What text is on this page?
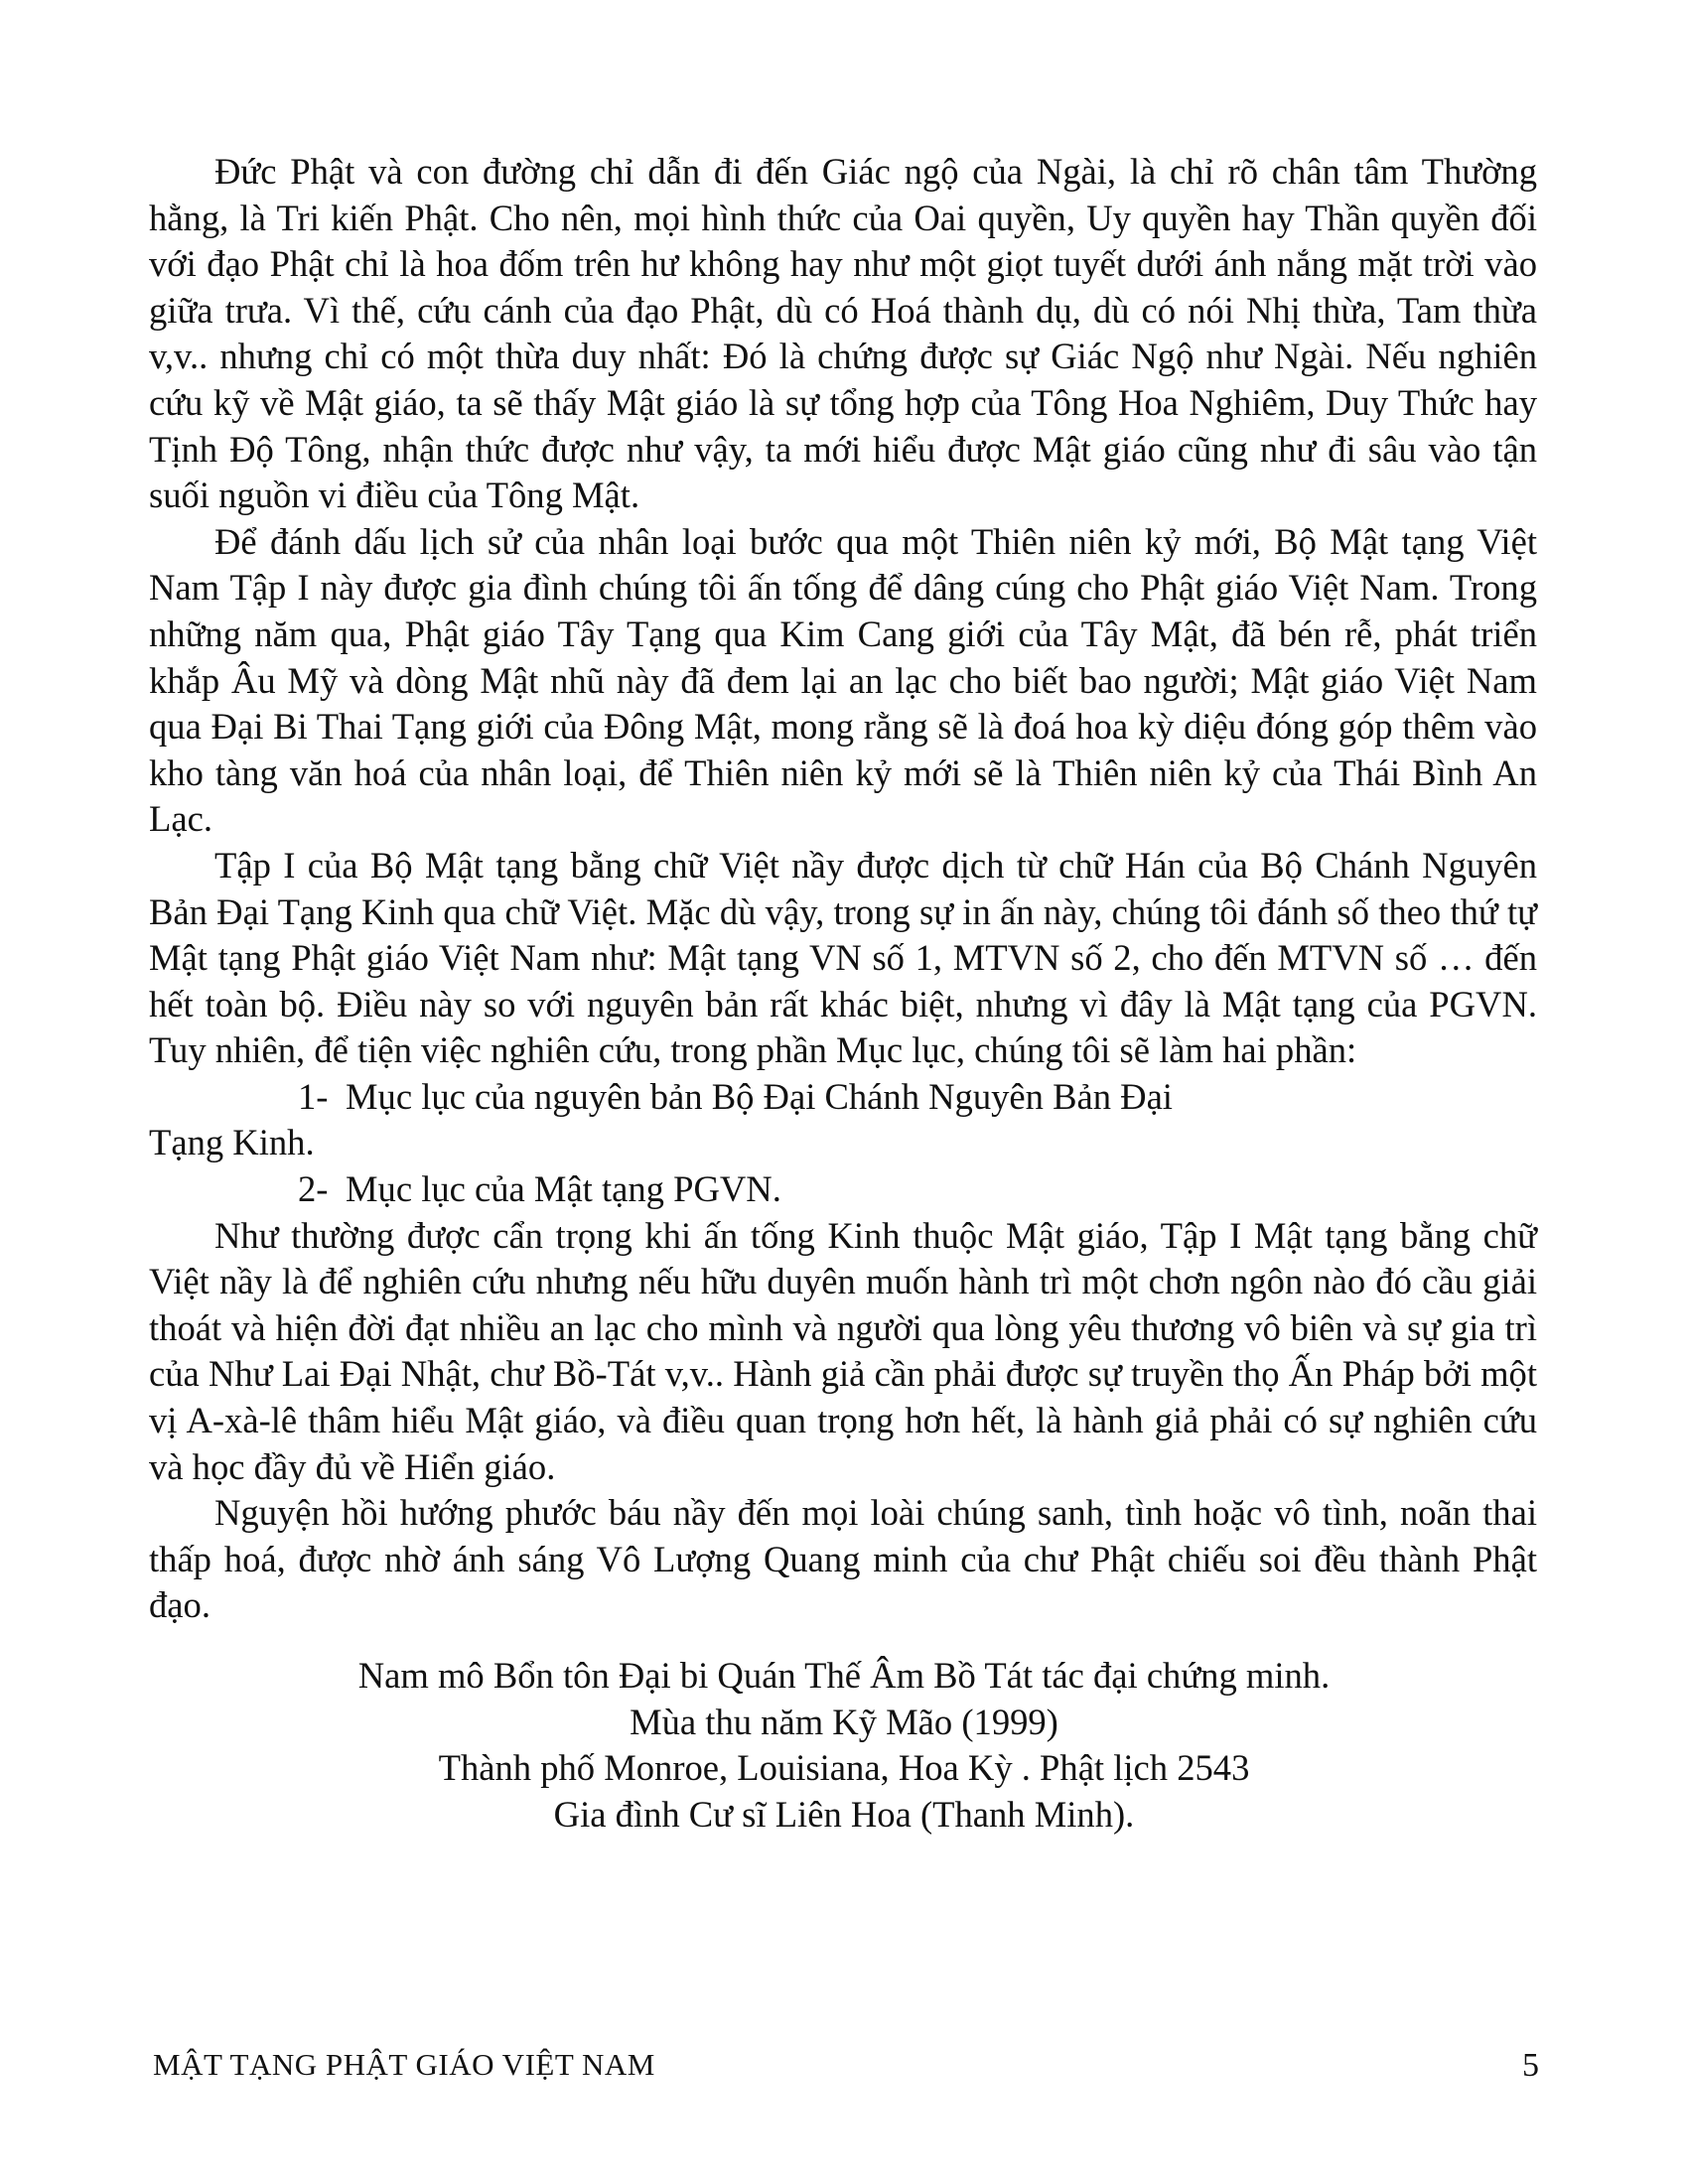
Đức Phật và con đường chỉ dẫn đi đến Giác ngộ của Ngài, là chỉ rõ chân tâm Thường hằng, là Tri kiến Phật. Cho nên, mọi hình thức của Oai quyền, Uy quyền hay Thần quyền đối với đạo Phật chỉ là hoa đốm trên hư không hay như một giọt tuyết dưới ánh nắng mặt trời vào giữa trưa. Vì thế, cứu cánh của đạo Phật, dù có Hoá thành dụ, dù có nói Nhị thừa, Tam thừa v,v.. nhưng chỉ có một thừa duy nhất: Đó là chứng được sự Giác Ngộ như Ngài. Nếu nghiên cứu kỹ về Mật giáo, ta sẽ thấy Mật giáo là sự tổng hợp của Tông Hoa Nghiêm, Duy Thức hay Tịnh Độ Tông, nhận thức được như vậy, ta mới hiểu được Mật giáo cũng như đi sâu vào tận suối nguồn vi điều của Tông Mật.

Để đánh dấu lịch sử của nhân loại bước qua một Thiên niên kỷ mới, Bộ Mật tạng Việt Nam Tập I này được gia đình chúng tôi ấn tống để dâng cúng cho Phật giáo Việt Nam. Trong những năm qua, Phật giáo Tây Tạng qua Kim Cang giới của Tây Mật, đã bén rễ, phát triển khắp Âu Mỹ và dòng Mật nhũ này đã đem lại an lạc cho biết bao người; Mật giáo Việt Nam qua Đại Bi Thai Tạng giới của Đông Mật, mong rằng sẽ là đoá hoa kỳ diệu đóng góp thêm vào kho tàng văn hoá của nhân loại, để Thiên niên kỷ mới sẽ là Thiên niên kỷ của Thái Bình An Lạc.

Tập I của Bộ Mật tạng bằng chữ Việt nầy được dịch từ chữ Hán của Bộ Chánh Nguyên Bản Đại Tạng Kinh qua chữ Việt. Mặc dù vậy, trong sự in ấn này, chúng tôi đánh số theo thứ tự Mật tạng Phật giáo Việt Nam như: Mật tạng VN số 1, MTVN số 2, cho đến MTVN số … đến hết toàn bộ. Điều này so với nguyên bản rất khác biệt, nhưng vì đây là Mật tạng của PGVN. Tuy nhiên, để tiện việc nghiên cứu, trong phần Mục lục, chúng tôi sẽ làm hai phần:

1- Mục lục của nguyên bản Bộ Đại Chánh Nguyên Bản Đại
Tạng Kinh.
2- Mục lục của Mật tạng PGVN.

Như thường được cẩn trọng khi ấn tống Kinh thuộc Mật giáo, Tập I Mật tạng bằng chữ Việt nầy là để nghiên cứu nhưng nếu hữu duyên muốn hành trì một chơn ngôn nào đó cầu giải thoát và hiện đời đạt nhiều an lạc cho mình và người qua lòng yêu thương vô biên và sự gia trì của Như Lai Đại Nhật, chư Bồ-Tát v,v.. Hành giả cần phải được sự truyền thọ Ấn Pháp bởi một vị A-xà-lê thâm hiểu Mật giáo, và điều quan trọng hơn hết, là hành giả phải có sự nghiên cứu và học đầy đủ về Hiển giáo.

Nguyện hồi hướng phước báu nầy đến mọi loài chúng sanh, tình hoặc vô tình, noãn thai thấp hoá, được nhờ ánh sáng Vô Lượng Quang minh của chư Phật chiếu soi đều thành Phật đạo.

Nam mô Bổn tôn Đại bi Quán Thế Âm Bồ Tát tác đại chứng minh.
Mùa thu năm Kỹ Mão (1999)
Thành phố Monroe, Louisiana, Hoa Kỳ . Phật lịch 2543
Gia đình Cư sĩ Liên Hoa (Thanh Minh).
MẬT TẠNG PHẬT GIÁO VIỆT NAM	5
